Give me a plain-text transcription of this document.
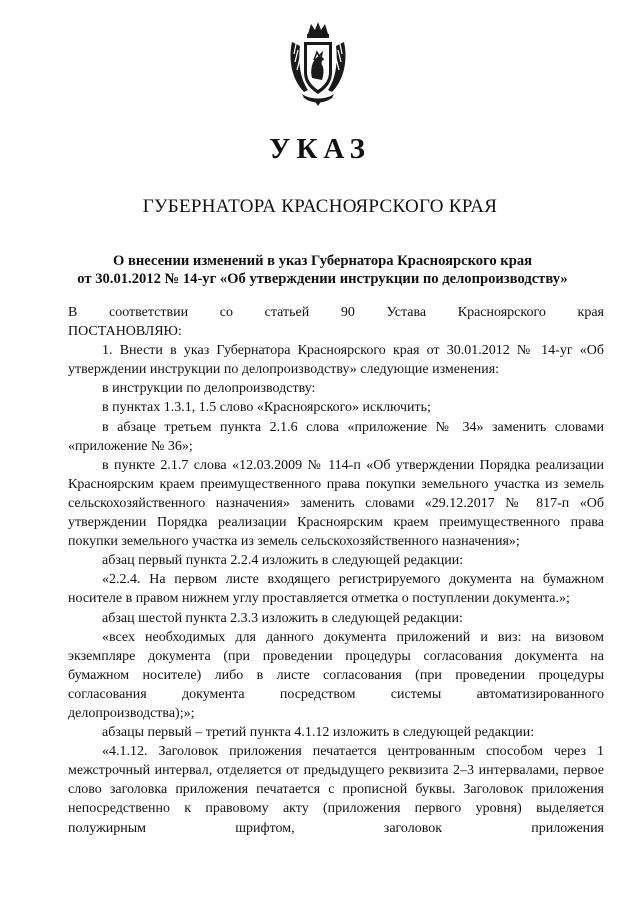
УКАЗ
ГУБЕРНАТОРА КРАСНОЯРСКОГО КРАЯ
О внесении изменений в указ Губернатора Красноярского края
от 30.01.2012 № 14-уг «Об утверждении инструкции по делопроизводству»

В соответствии со статьей 90 Устава Красноярского края

ПОСТАНОВЛЯЮ:

1. Внести в указ Губернатора Красноярского края от 30.01.2012 № 14-уг «Об утверждении инструкции по делопроизводству» следующие изменения:

в инструкции по делопроизводству:

в пунктах 1.3.1, 1.5 слово «Красноярского» исключить;

в абзаце третьем пункта 2.1.6 слова «приложение № 34» заменить словами «приложение № 36»;

в пункте 2.1.7 слова «12.03.2009 № 114-п «Об утверждении Порядка реализации Красноярским краем преимущественного права покупки земельного участка из земель сельскохозяйственного назначения» заменить словами «29.12.2017 № 817-п «Об утверждении Порядка реализации Красноярским краем преимущественного права покупки земельного участка из земель сельскохозяйственного назначения»;

абзац первый пункта 2.2.4 изложить в следующей редакции:

«2.2.4. На первом листе входящего регистрируемого документа на бумажном носителе в правом нижнем углу проставляется отметка о поступлении документа.»;

абзац шестой пункта 2.3.3 изложить в следующей редакции:

«всех необходимых для данного документа приложений и виз: на визовом экземпляре документа (при проведении процедуры согласования документа на бумажном носителе) либо в листе согласования (при проведении процедуры согласования документа посредством системы автоматизированного делопроизводства);»;

абзацы первый – третий пункта 4.1.12 изложить в следующей редакции:

«4.1.12. Заголовок приложения печатается центрованным способом через 1 межстрочный интервал, отделяется от предыдущего реквизита 2–3 интервалами, первое слово заголовка приложения печатается с прописной буквы. Заголовок приложения непосредственно к правовому акту (приложения первого уровня) выделяется полужирным шрифтом, заголовок приложения
